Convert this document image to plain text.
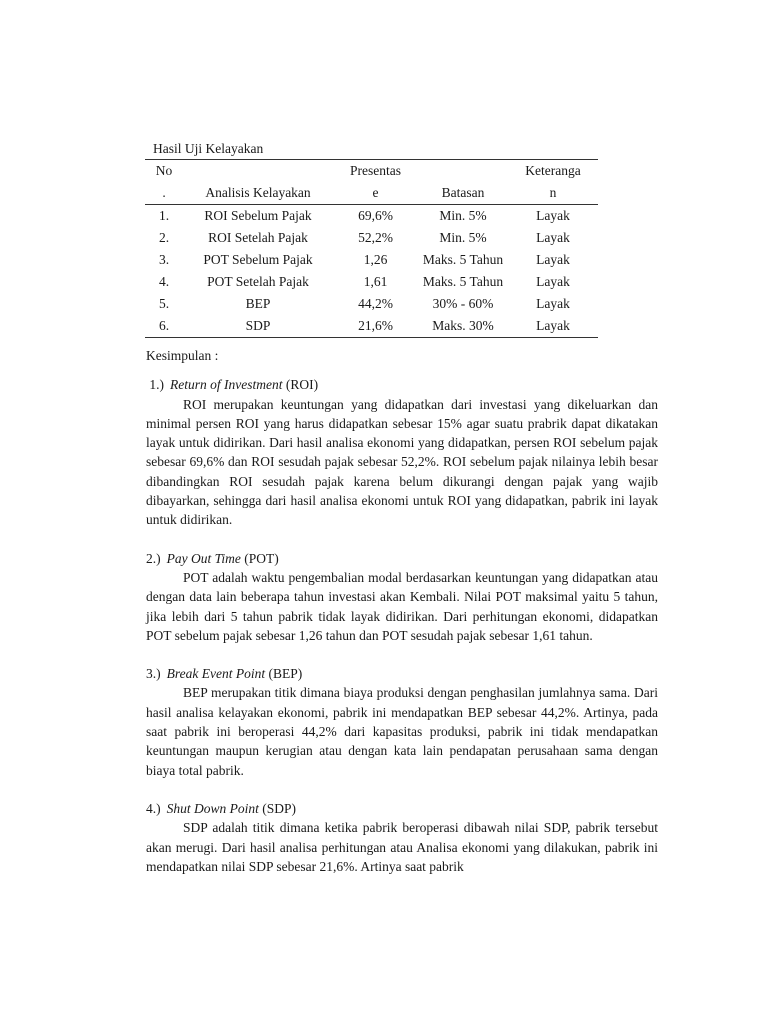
Hasil Uji Kelayakan
No		Presentas		Keteranga
.	Analisis Kelayakan	e	Batasan	n
1.	ROI Sebelum Pajak	69,6%	Min. 5%	Layak
2.	ROI Setelah Pajak	52,2%	Min. 5%	Layak
3.	POT Sebelum Pajak	1,26	Maks. 5 Tahun	Layak
4.	POT Setelah Pajak	1,61	Maks. 5 Tahun	Layak
5.	BEP	44,2%	30% - 60%	Layak
6.	SDP	21,6%	Maks. 30%	Layak

Kesimpulan :

1.) Return of Investment (ROI)

ROI merupakan keuntungan yang didapatkan dari investasi yang dikeluarkan dan minimal persen ROI yang harus didapatkan sebesar 15% agar suatu prabrik dapat dikatakan layak untuk didirikan. Dari hasil analisa ekonomi yang didapatkan, persen ROI sebelum pajak sebesar 69,6% dan ROI sesudah pajak sebesar 52,2%. ROI sebelum pajak nilainya lebih besar dibandingkan ROI sesudah pajak karena belum dikurangi dengan pajak yang wajib dibayarkan, sehingga dari hasil analisa ekonomi untuk ROI yang didapatkan, pabrik ini layak untuk didirikan.

2.) Pay Out Time (POT)

POT adalah waktu pengembalian modal berdasarkan keuntungan yang didapatkan atau dengan data lain beberapa tahun investasi akan Kembali. Nilai POT maksimal yaitu 5 tahun, jika lebih dari 5 tahun pabrik tidak layak didirikan. Dari perhitungan ekonomi, didapatkan POT sebelum pajak sebesar 1,26 tahun dan POT sesudah pajak sebesar 1,61 tahun.

3.) Break Event Point (BEP)

BEP merupakan titik dimana biaya produksi dengan penghasilan jumlahnya sama. Dari hasil analisa kelayakan ekonomi, pabrik ini mendapatkan BEP sebesar 44,2%. Artinya, pada saat pabrik ini beroperasi 44,2% dari kapasitas produksi, pabrik ini tidak mendapatkan keuntungan maupun kerugian atau dengan kata lain pendapatan perusahaan sama dengan biaya total pabrik.

4.) Shut Down Point (SDP)

SDP adalah titik dimana ketika pabrik beroperasi dibawah nilai SDP, pabrik tersebut akan merugi. Dari hasil analisa perhitungan atau Analisa ekonomi yang dilakukan, pabrik ini mendapatkan nilai SDP sebesar 21,6%. Artinya saat pabrik
